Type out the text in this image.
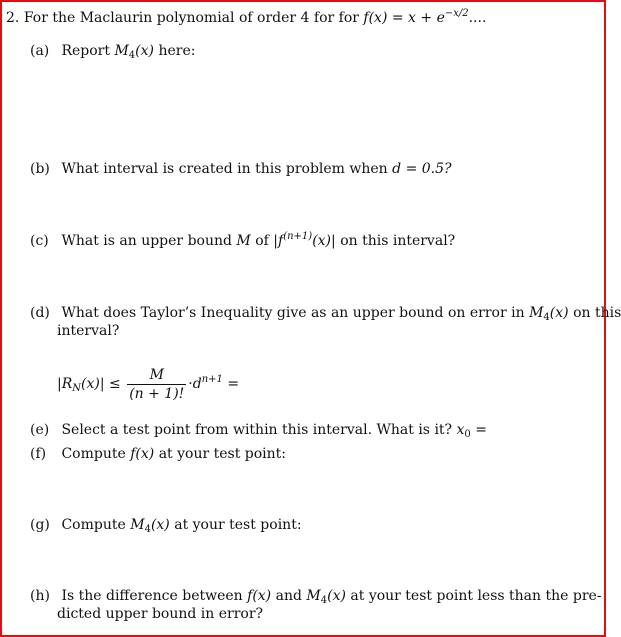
2. For the Maclaurin polynomial of order 4 for for $f(x) = x + e^{-x/2}$....
(a) Report $M_4(x)$ here:
(b) What interval is created in this problem when d = 0.5?
(c) What is an upper bound M of $|f^{(n+1)}(x)|$ on this interval?
(d) What does Taylor’s Inequality give as an upper bound on error in $M_4(x)$ on this
interval?
$|R_N(x)| \le \frac{M}{(n + 1)!} \cdot d^{n+1}$ =
(e) Select a test point from within this interval. What is it? $x_0$ =
(f) Compute f(x) at your test point:
(g) Compute $M_4(x)$ at your test point:
(h) Is the difference between f(x) and $M_4(x)$ at your test point less than the pre-
dicted upper bound in error?
